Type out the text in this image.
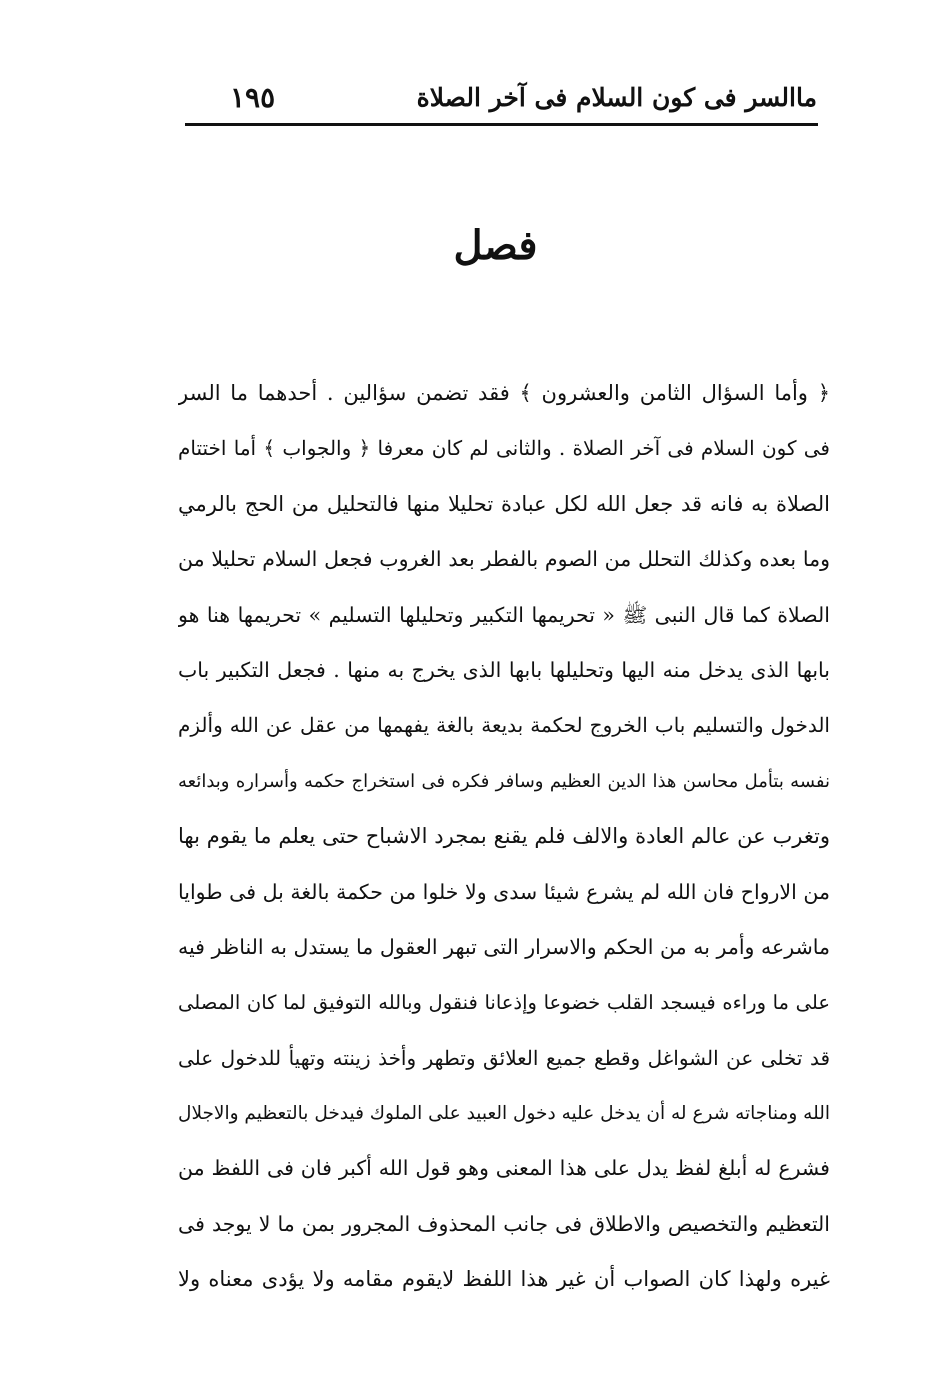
ماالسر فى كون السلام فى آخر الصلاة
١٩٥
فصل
﴿ وأما السؤال الثامن والعشرون ﴾ فقد تضمن سؤالين . أحدهما ما السر
فى كون السلام فى آخر الصلاة . والثانى لم كان معرفا ﴿ والجواب ﴾ أما اختتام
الصلاة به فانه قد جعل الله لكل عبادة تحليلا منها فالتحليل من الحج بالرمي
وما بعده وكذلك التحلل من الصوم بالفطر بعد الغروب فجعل السلام تحليلا من
الصلاة كما قال النبى ﷺ « تحريمها التكبير وتحليلها التسليم » تحريمها هنا هو
بابها الذى يدخل منه اليها وتحليلها بابها الذى يخرج به منها . فجعل التكبير باب
الدخول والتسليم باب الخروج لحكمة بديعة بالغة يفهمها من عقل عن الله وألزم
نفسه بتأمل محاسن هذا الدين العظيم وسافر فكره فى استخراج حكمه وأسراره وبدائعه
وتغرب عن عالم العادة والالف فلم يقنع بمجرد الاشباح حتى يعلم ما يقوم بها
من الارواح فان الله لم يشرع شيئا سدى ولا خلوا من حكمة بالغة بل فى طوايا
ماشرعه وأمر به من الحكم والاسرار التى تبهر العقول ما يستدل به الناظر فيه
على ما وراءه فيسجد القلب خضوعا وإذعانا فنقول وبالله التوفيق لما كان المصلى
قد تخلى عن الشواغل وقطع جميع العلائق وتطهر وأخذ زينته وتهيأ للدخول على
الله ومناجاته شرع له أن يدخل عليه دخول العبيد على الملوك فيدخل بالتعظيم والاجلال
فشرع له أبلغ لفظ يدل على هذا المعنى وهو قول الله أكبر فان فى اللفظ من
التعظيم والتخصيص والاطلاق فى جانب المحذوف المجرور بمن ما لا يوجد فى
غيره ولهذا كان الصواب أن غير هذا اللفظ لايقوم مقامه ولا يؤدى معناه ولا
